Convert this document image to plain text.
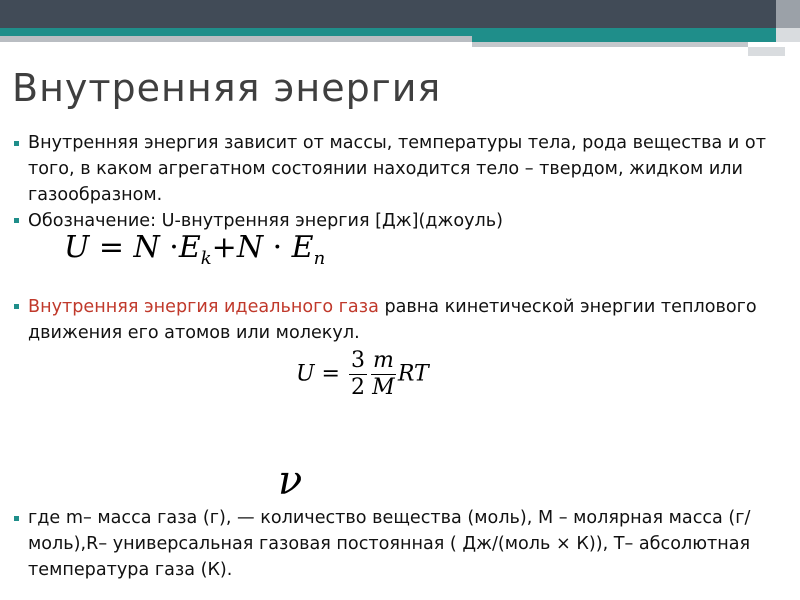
Внутренняя энергия
Внутренняя энергия зависит от массы, температуры тела, рода вещества и от того, в каком агрегатном состоянии находится тело – твердом, жидком или газообразном.
Обозначение: U-внутренняя энергия [Дж](джоуль)
$U = N \cdot E_k+N \cdot E_n$
Внутренняя энергия идеального газа равна кинетической энергии теплового движения его атомов или молекул.
$U = \frac{3}{2} \frac{m}{M}$ RT
ν
где m– масса газа (г), — количество вещества (моль), М – молярная масса (г/моль),R– универсальная газовая постоянная ( Дж/(моль × К)), Т– абсолютная температура газа (К).
